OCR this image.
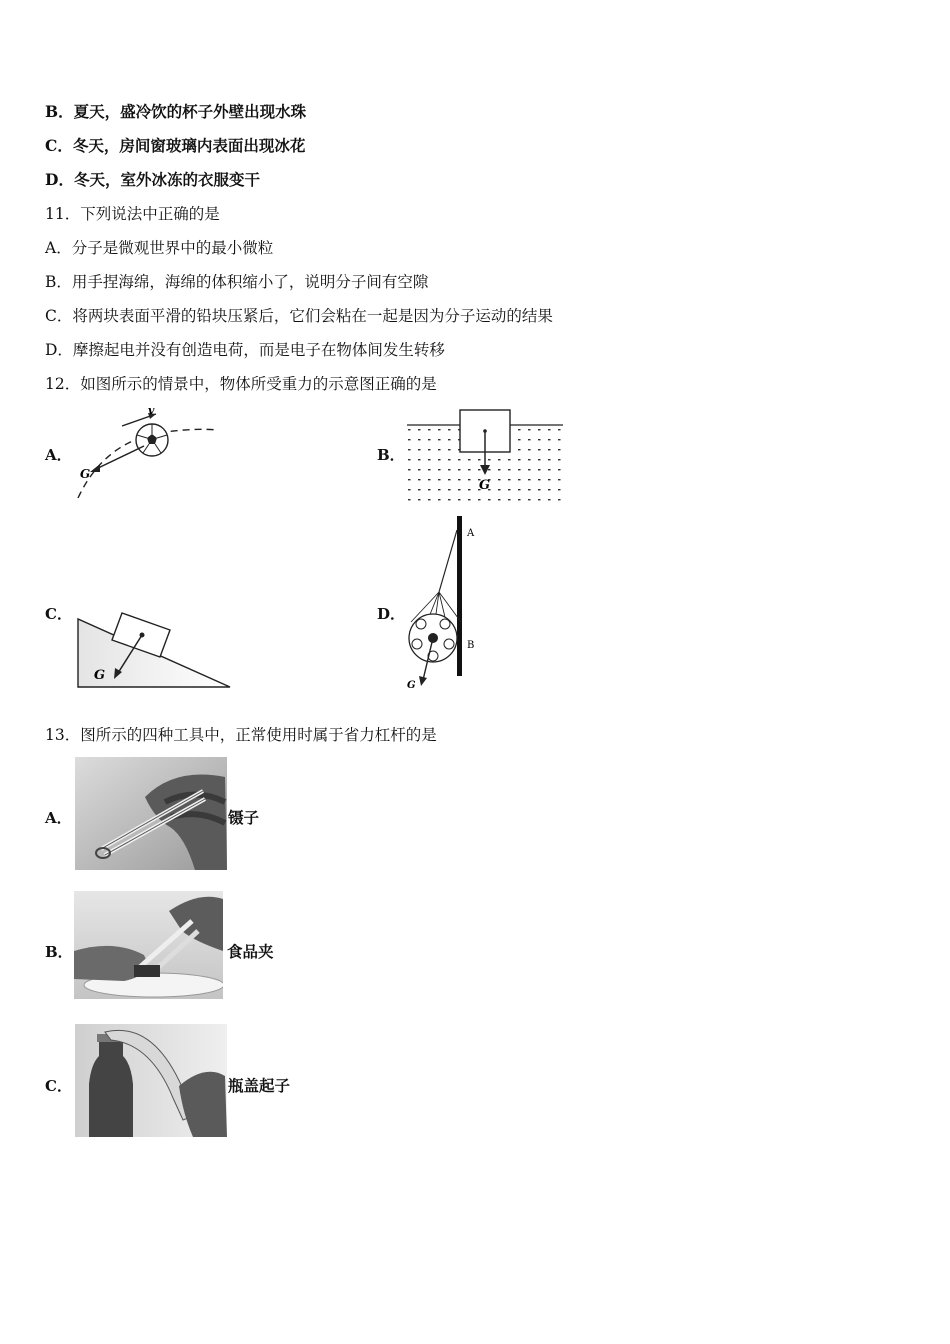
B．夏天，盛冷饮的杯子外壁出现水珠
C．冬天，房间窗玻璃内表面出现冰花
D．冬天，室外冰冻的衣服变干
11．下列说法中正确的是
A．分子是微观世界中的最小微粒
B．用手捏海绵，海绵的体积缩小了，说明分子间有空隙
C．将两块表面平滑的铅块压紧后，它们会粘在一起是因为分子运动的结果
D．摩擦起电并没有创造电荷，而是电子在物体间发生转移
12．如图所示的情景中，物体所受重力的示意图正确的是
A．
v
G
B．
G
C．
G
D．
A
B
G
13．图所示的四种工具中，正常使用时属于省力杠杆的是
A．	镊子
B．	食品夹
C．	瓶盖起子
